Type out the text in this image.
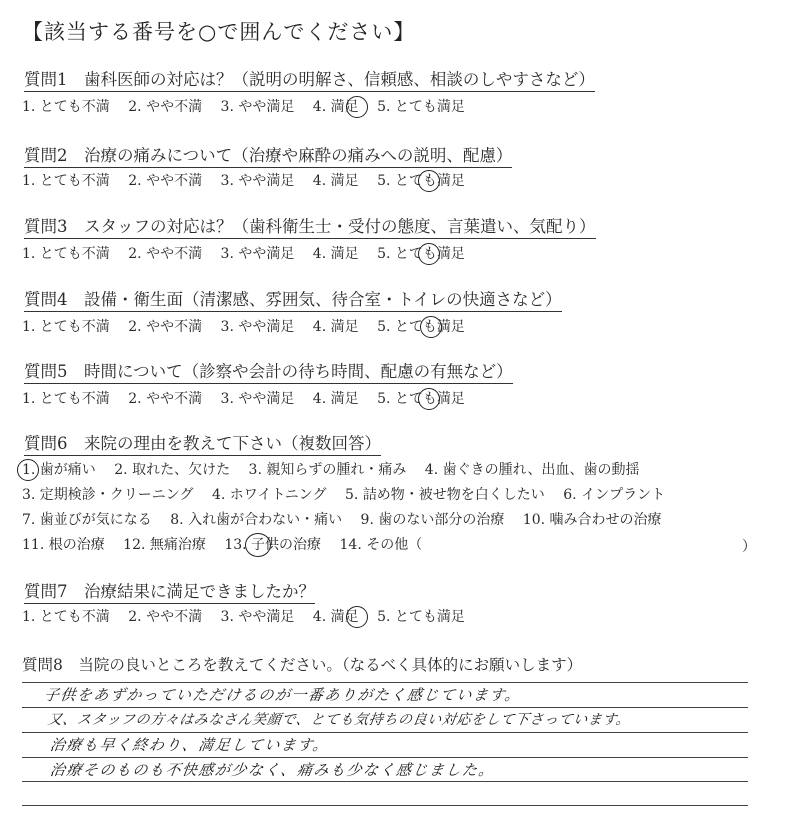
【該当する番号を○で囲んでください】
質問1　歯科医師の対応は？（説明の明解さ、信頼感、相談のしやすさなど）
1. とても不満 2. やや不満 3. やや満足 4. 満足 5. とても満足
質問2　治療の痛みについて（治療や麻酔の痛みへの説明、配慮）
1. とても不満 2. やや不満 3. やや満足 4. 満足 5. とても満足
質問3　スタッフの対応は？（歯科衛生士・受付の態度、言葉遣い、気配り）
1. とても不満 2. やや不満 3. やや満足 4. 満足 5. とても満足
質問4　設備・衛生面（清潔感、雰囲気、待合室・トイレの快適さなど）
1. とても不満 2. やや不満 3. やや満足 4. 満足 5. とても満足
質問5　時間について（診察や会計の待ち時間、配慮の有無など）
1. とても不満 2. やや不満 3. やや満足 4. 満足 5. とても満足
質問6　来院の理由を教えて下さい（複数回答）
1. 歯が痛い 2. 取れた、欠けた 3. 親知らずの腫れ・痛み 4. 歯ぐきの腫れ、出血、歯の動揺
3. 定期検診・クリーニング 4. ホワイトニング 5. 詰め物・被せ物を白くしたい 6. インプラント
7. 歯並びが気になる 8. 入れ歯が合わない・痛い 9. 歯のない部分の治療 10. 噛み合わせの治療
11. 根の治療 12. 無痛治療 13. 子供の治療 14. その他（	）
質問7　治療結果に満足できましたか？
1. とても不満 2. やや不満 3. やや満足 4. 満足 5. とても満足
質問8　当院の良いところを教えてください。（なるべく具体的にお願いします）
子供をあずかっていただけるのが一番ありがたく感じています。
又、スタッフの方々はみなさん笑顔で、とても気持ちの良い対応をして下さっています。
治療も早く終わり、満足しています。
治療そのものも不快感が少なく、痛みも少なく感じました。
